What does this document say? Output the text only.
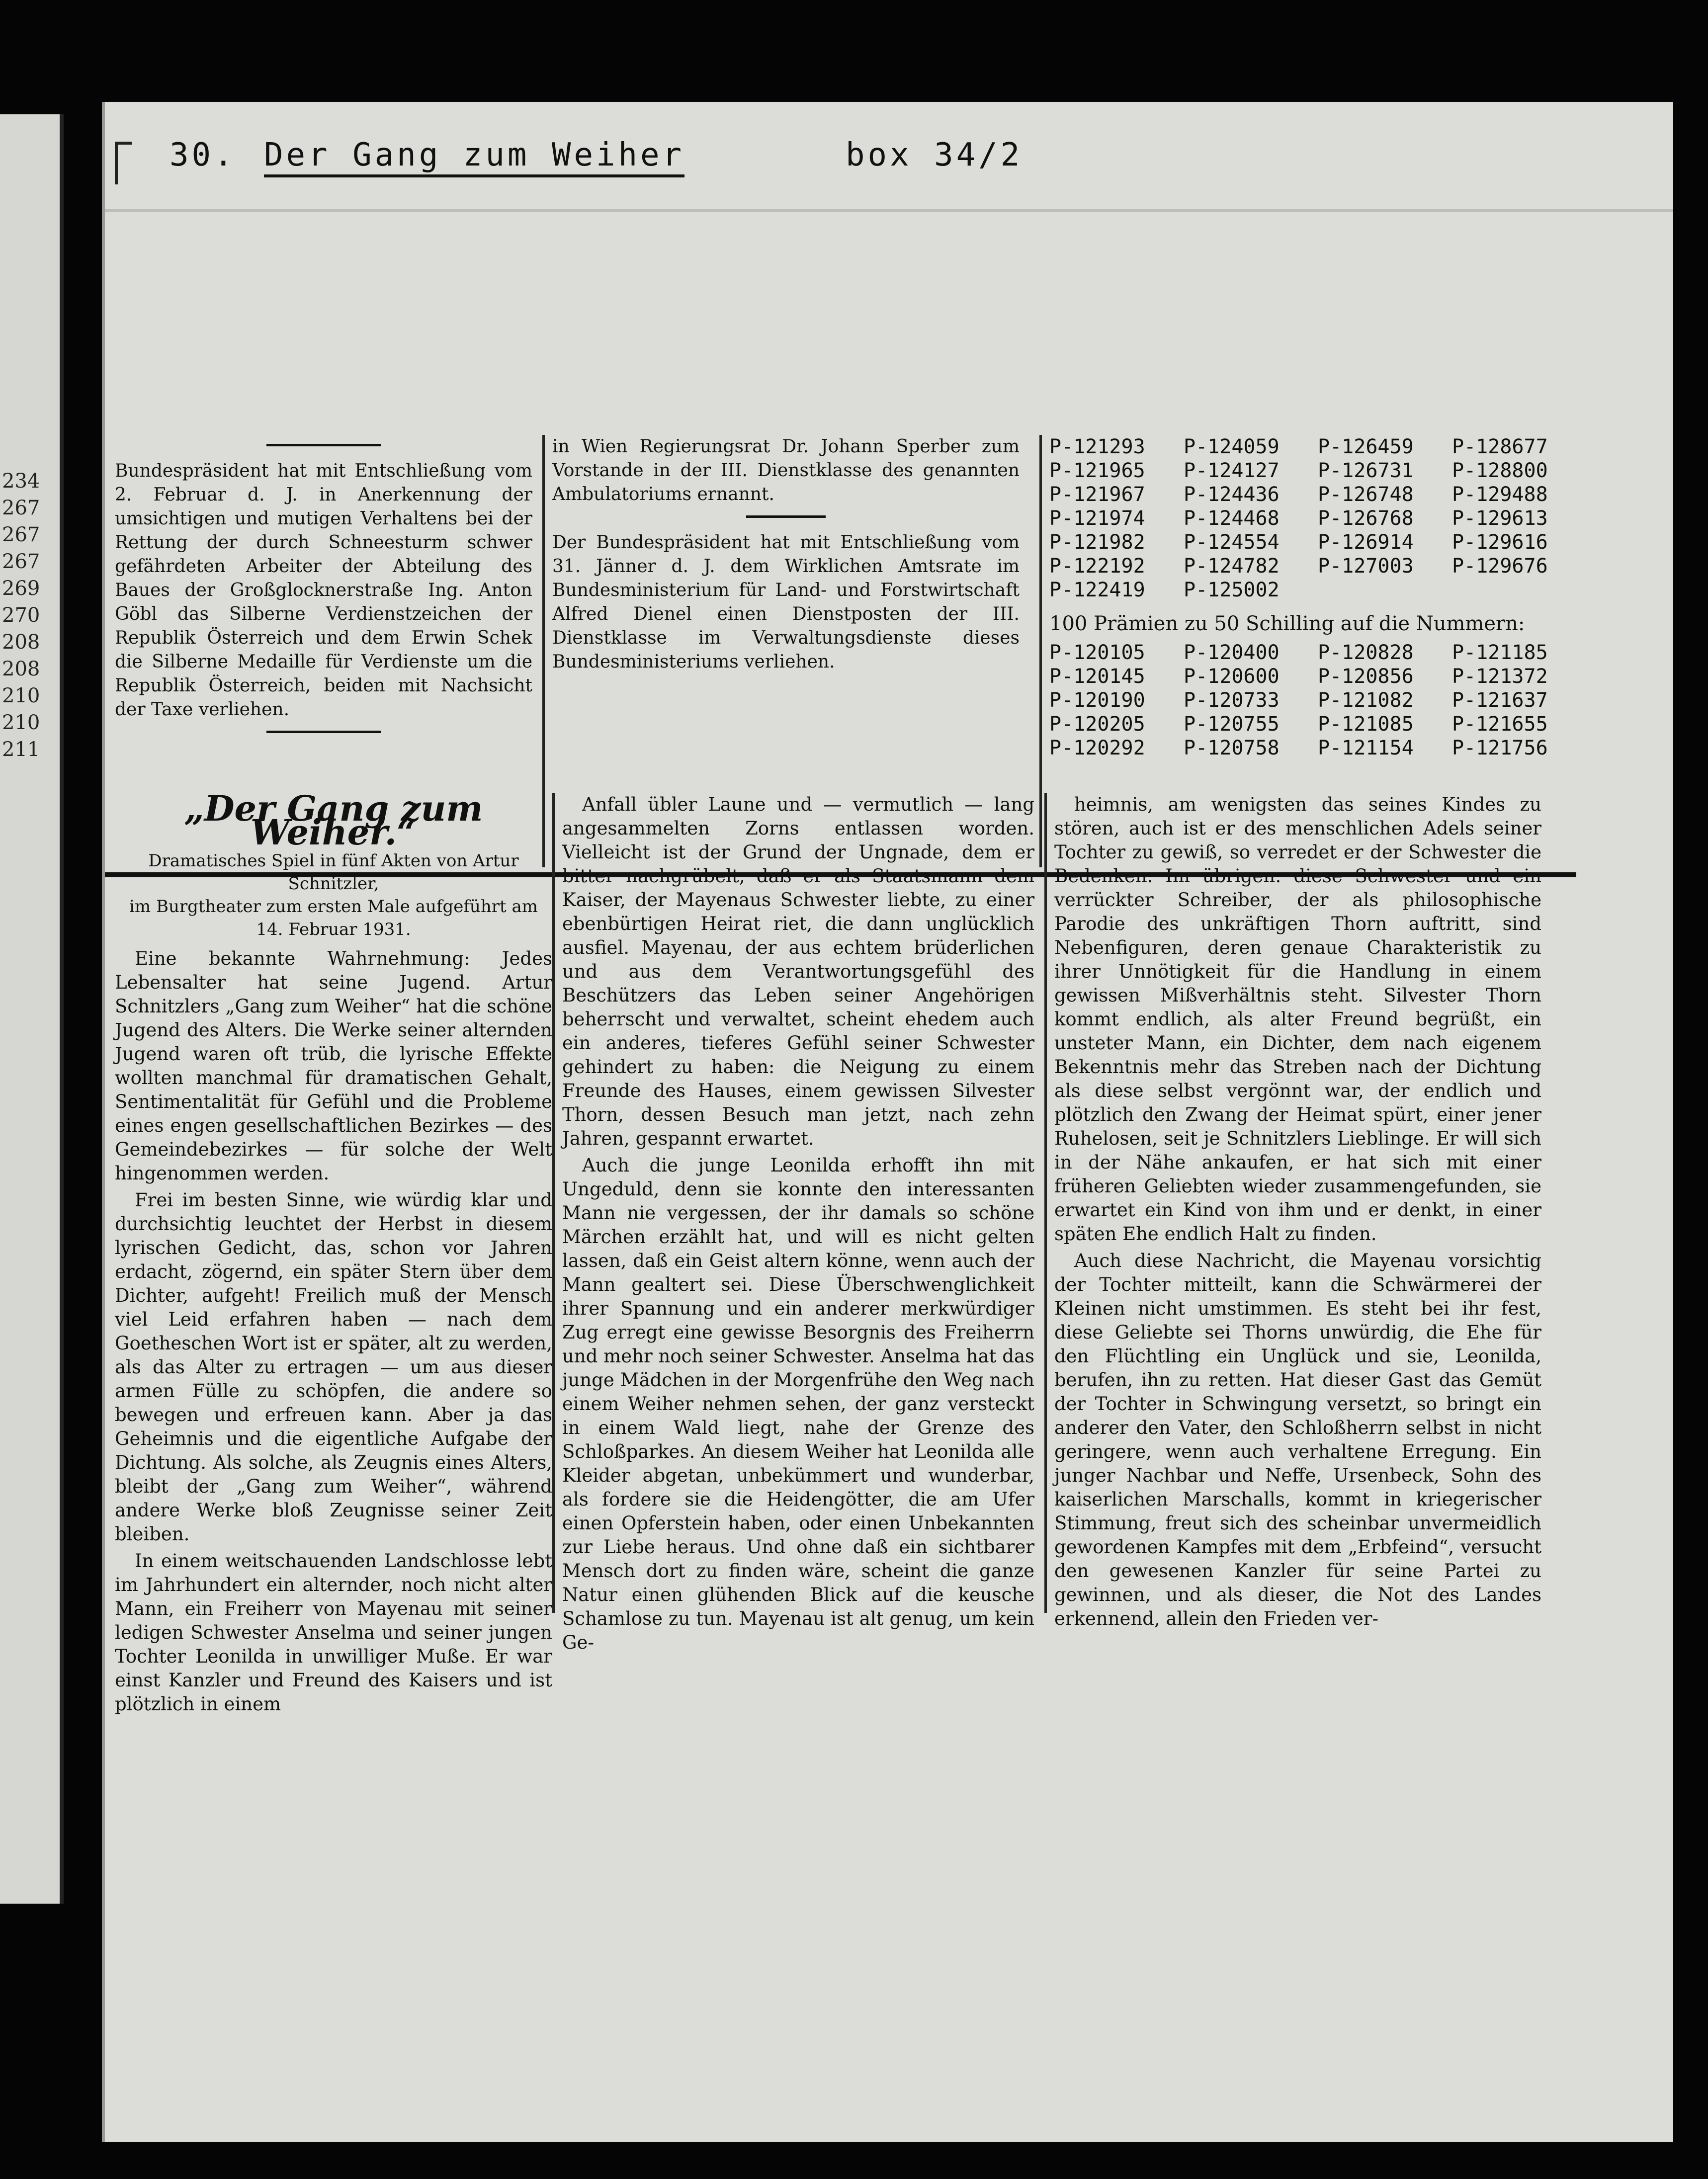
234
267
267
267
269
270
208
208
210
210
211
30. Der Gang zum Weiher	box 34/2

Bundespräsident hat mit Entschließung vom 2. Februar d. J. in Anerkennung der umsichtigen und mutigen Verhaltens bei der Rettung der durch Schneesturm schwer gefährdeten Arbeiter der Abteilung des Baues der Großglocknerstraße Ing. Anton Göbl das Silberne Verdienstzeichen der Republik Österreich und dem Erwin Schek die Silberne Medaille für Verdienste um die Republik Österreich, beiden mit Nachsicht der Taxe verliehen.

in Wien Regierungsrat Dr. Johann Sperber zum Vorstande in der III. Dienstklasse des genannten Ambulatoriums ernannt.

Der Bundespräsident hat mit Entschließung vom 31. Jänner d. J. dem Wirklichen Amtsrate im Bundesministerium für Land- und Forstwirtschaft Alfred Dienel einen Dienstposten der III. Dienstklasse im Verwaltungsdienste dieses Bundesministeriums verliehen.

P-121293	P-124059	P-126459	P-128677
P-121965	P-124127	P-126731	P-128800
P-121967	P-124436	P-126748	P-129488
P-121974	P-124468	P-126768	P-129613
P-121982	P-124554	P-126914	P-129616
P-122192	P-124782	P-127003	P-129676
P-122419	P-125002
100 Prämien zu 50 Schilling auf die Nummern:
P-120105	P-120400	P-120828	P-121185
P-120145	P-120600	P-120856	P-121372
P-120190	P-120733	P-121082	P-121637
P-120205	P-120755	P-121085	P-121655
P-120292	P-120758	P-121154	P-121756
„Der Gang zum Weiher.“
Dramatisches Spiel in fünf Akten von Artur Schnitzler,
im Burgtheater zum ersten Male aufgeführt am
14. Februar 1931.

Eine bekannte Wahrnehmung: Jedes Lebensalter hat seine Jugend. Artur Schnitzlers „Gang zum Weiher“ hat die schöne Jugend des Alters. Die Werke seiner alternden Jugend waren oft trüb, die lyrische Effekte wollten manchmal für dramatischen Gehalt, Sentimentalität für Gefühl und die Probleme eines engen gesellschaftlichen Bezirkes — des Gemeindebezirkes — für solche der Welt hingenommen werden.

Frei im besten Sinne, wie würdig klar und durchsichtig leuchtet der Herbst in diesem lyrischen Gedicht, das, schon vor Jahren erdacht, zögernd, ein später Stern über dem Dichter, aufgeht! Freilich muß der Mensch viel Leid erfahren haben — nach dem Goetheschen Wort ist er später, alt zu werden, als das Alter zu ertragen — um aus dieser armen Fülle zu schöpfen, die andere so bewegen und erfreuen kann. Aber ja das Geheimnis und die eigentliche Aufgabe der Dichtung. Als solche, als Zeugnis eines Alters, bleibt der „Gang zum Weiher“, während andere Werke bloß Zeugnisse seiner Zeit bleiben.

In einem weitschauenden Landschlosse lebt im Jahrhundert ein alternder, noch nicht alter Mann, ein Freiherr von Mayenau mit seiner ledigen Schwester Anselma und seiner jungen Tochter Leonilda in unwilliger Muße. Er war einst Kanzler und Freund des Kaisers und ist plötzlich in einem

Anfall übler Laune und — vermutlich — lang angesammelten Zorns entlassen worden. Vielleicht ist der Grund der Ungnade, dem er bitter nachgrübelt, daß er als Staatsmann dem Kaiser, der Mayenaus Schwester liebte, zu einer ebenbürtigen Heirat riet, die dann unglücklich ausfiel. Mayenau, der aus echtem brüderlichen und aus dem Verantwortungsgefühl des Beschützers das Leben seiner Angehörigen beherrscht und verwaltet, scheint ehedem auch ein anderes, tieferes Gefühl seiner Schwester gehindert zu haben: die Neigung zu einem Freunde des Hauses, einem gewissen Silvester Thorn, dessen Besuch man jetzt, nach zehn Jahren, gespannt erwartet.

Auch die junge Leonilda erhofft ihn mit Ungeduld, denn sie konnte den interessanten Mann nie vergessen, der ihr damals so schöne Märchen erzählt hat, und will es nicht gelten lassen, daß ein Geist altern könne, wenn auch der Mann gealtert sei. Diese Überschwenglichkeit ihrer Spannung und ein anderer merkwürdiger Zug erregt eine gewisse Besorgnis des Freiherrn und mehr noch seiner Schwester. Anselma hat das junge Mädchen in der Morgenfrühe den Weg nach einem Weiher nehmen sehen, der ganz versteckt in einem Wald liegt, nahe der Grenze des Schloßparkes. An diesem Weiher hat Leonilda alle Kleider abgetan, unbekümmert und wunderbar, als fordere sie die Heidengötter, die am Ufer einen Opferstein haben, oder einen Unbekannten zur Liebe heraus. Und ohne daß ein sichtbarer Mensch dort zu finden wäre, scheint die ganze Natur einen glühenden Blick auf die keusche Schamlose zu tun. Mayenau ist alt genug, um kein Ge-

heimnis, am wenigsten das seines Kindes zu stören, auch ist er des menschlichen Adels seiner Tochter zu gewiß, so verredet er der Schwester die Bedenken. Im übrigen: diese Schwester und ein verrückter Schreiber, der als philosophische Parodie des unkräftigen Thorn auftritt, sind Nebenfiguren, deren genaue Charakteristik zu ihrer Unnötigkeit für die Handlung in einem gewissen Mißverhältnis steht. Silvester Thorn kommt endlich, als alter Freund begrüßt, ein unsteter Mann, ein Dichter, dem nach eigenem Bekenntnis mehr das Streben nach der Dichtung als diese selbst vergönnt war, der endlich und plötzlich den Zwang der Heimat spürt, einer jener Ruhelosen, seit je Schnitzlers Lieblinge. Er will sich in der Nähe ankaufen, er hat sich mit einer früheren Geliebten wieder zusammengefunden, sie erwartet ein Kind von ihm und er denkt, in einer späten Ehe endlich Halt zu finden.

Auch diese Nachricht, die Mayenau vorsichtig der Tochter mitteilt, kann die Schwärmerei der Kleinen nicht umstimmen. Es steht bei ihr fest, diese Geliebte sei Thorns unwürdig, die Ehe für den Flüchtling ein Unglück und sie, Leonilda, berufen, ihn zu retten. Hat dieser Gast das Gemüt der Tochter in Schwingung versetzt, so bringt ein anderer den Vater, den Schloßherrn selbst in nicht geringere, wenn auch verhaltene Erregung. Ein junger Nachbar und Neffe, Ursenbeck, Sohn des kaiserlichen Marschalls, kommt in kriegerischer Stimmung, freut sich des scheinbar unvermeidlich gewordenen Kampfes mit dem „Erbfeind“, versucht den gewesenen Kanzler für seine Partei zu gewinnen, und als dieser, die Not des Landes erkennend, allein den Frieden ver-
